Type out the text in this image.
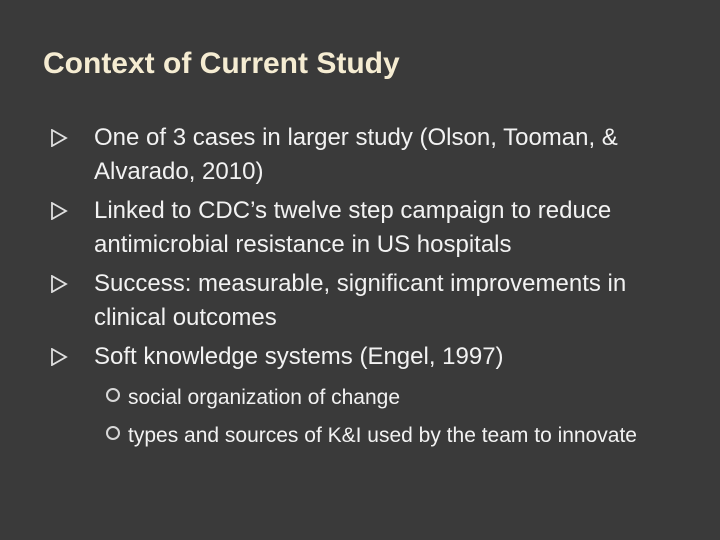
Context of Current Study
One of 3 cases in larger study (Olson, Tooman, & Alvarado, 2010)
Linked to CDC’s twelve step campaign to reduce antimicrobial resistance in US hospitals
Success: measurable, significant improvements in clinical outcomes
Soft knowledge systems (Engel, 1997)
social organization of change
types and sources of K&I used by the team to innovate
